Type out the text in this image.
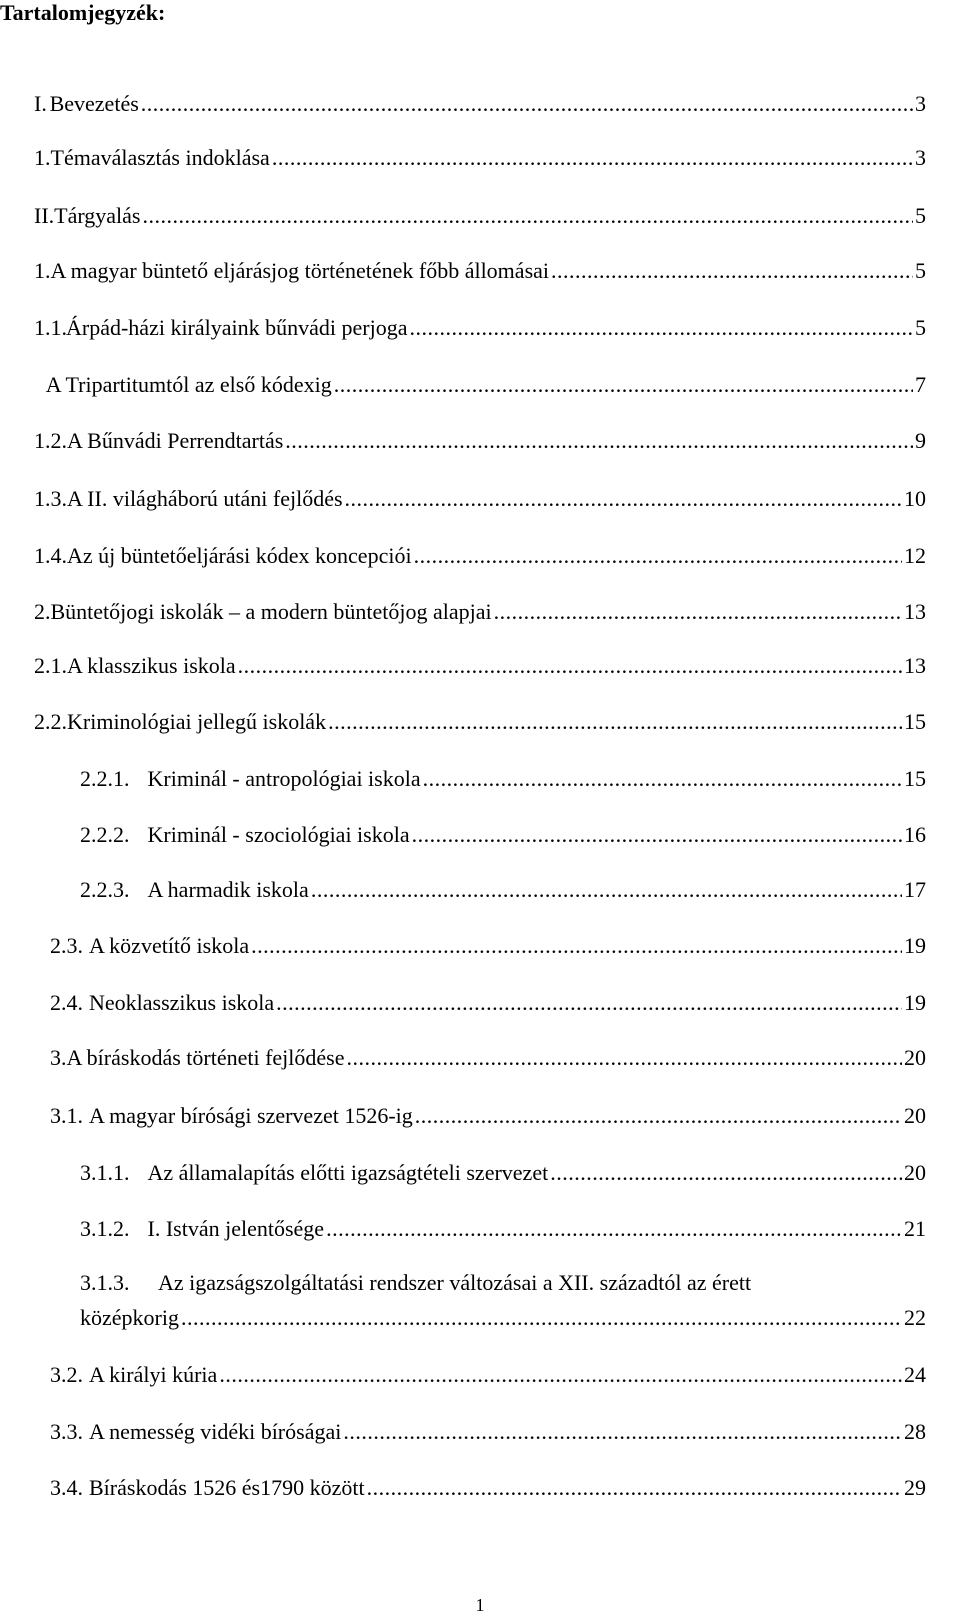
Tartalomjegyzék:
I. Bevezetés .....	3
1. Témaválasztás indoklása .....	3
II. Tárgyalás .....	5
1. A magyar büntető eljárásjog történetének főbb állomásai .....	5
1.1. Árpád-házi királyaink bűnvádi perjoga .....	5
A Tripartitumtól az első kódexig .....	7
1.2. A Bűnvádi Perrendtartás .....	9
1.3. A II. világháború utáni fejlődés .....	10
1.4. Az új büntetőeljárási kódex koncepciói .....	12
2. Büntetőjogi iskolák – a modern büntetőjog alapjai .....	13
2.1. A klasszikus iskola .....	13
2.2. Kriminológiai jellegű iskolák .....	15
2.2.1. Kriminál - antropológiai iskola .....	15
2.2.2. Kriminál - szociológiai iskola .....	16
2.2.3. A harmadik iskola .....	17
2.3. A közvetítő iskola .....	19
2.4. Neoklasszikus iskola .....	19
3. A bíráskodás történeti fejlődése .....	20
3.1. A magyar bírósági szervezet 1526-ig .....	20
3.1.1. Az államalapítás előtti igazságtételi szervezet .....	20
3.1.2. I. István jelentősége .....	21
3.1.3. Az igazságszolgáltatási rendszer változásai a XII. századtól az érett
középkorig .....	22
3.2. A királyi kúria .....	24
3.3. A nemesség vidéki bíróságai .....	28
3.4. Bíráskodás 1526 és1790 között .....	29
1
